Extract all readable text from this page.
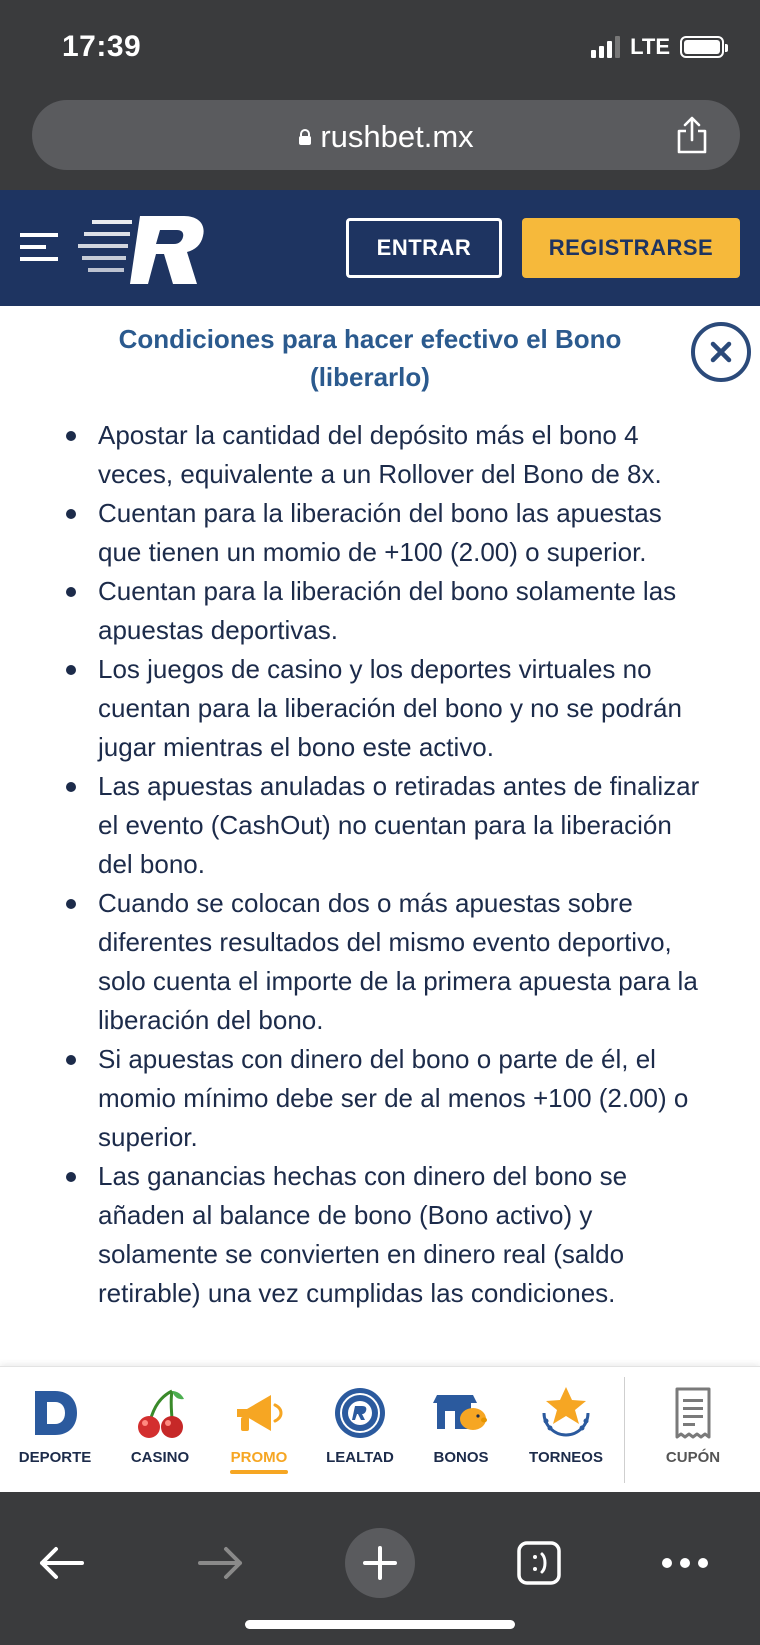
17:39	LTE
rushbet.mx
ENTRAR	REGISTRARSE
Condiciones para hacer efectivo el Bono (liberarlo)
Apostar la cantidad del depósito más el bono 4 veces, equivalente a un Rollover del Bono de 8x.
Cuentan para la liberación del bono las apuestas que tienen un momio de +100 (2.00) o superior.
Cuentan para la liberación del bono solamente las apuestas deportivas.
Los juegos de casino y los deportes virtuales no cuentan para la liberación del bono y no se podrán jugar mientras el bono este activo.
Las apuestas anuladas o retiradas antes de finalizar el evento (CashOut) no cuentan para la liberación del bono.
Cuando se colocan dos o más apuestas sobre diferentes resultados del mismo evento deportivo, solo cuenta el importe de la primera apuesta para la liberación del bono.
Si apuestas con dinero del bono o parte de él, el momio mínimo debe ser de al menos +100 (2.00) o superior.
Las ganancias hechas con dinero del bono se añaden al balance de bono (Bono activo) y solamente se convierten en dinero real (saldo retirable) una vez cumplidas las condiciones.
DEPORTE	CASINO	PROMO	LEALTAD	BONOS	TORNEOS	CUPÓN
